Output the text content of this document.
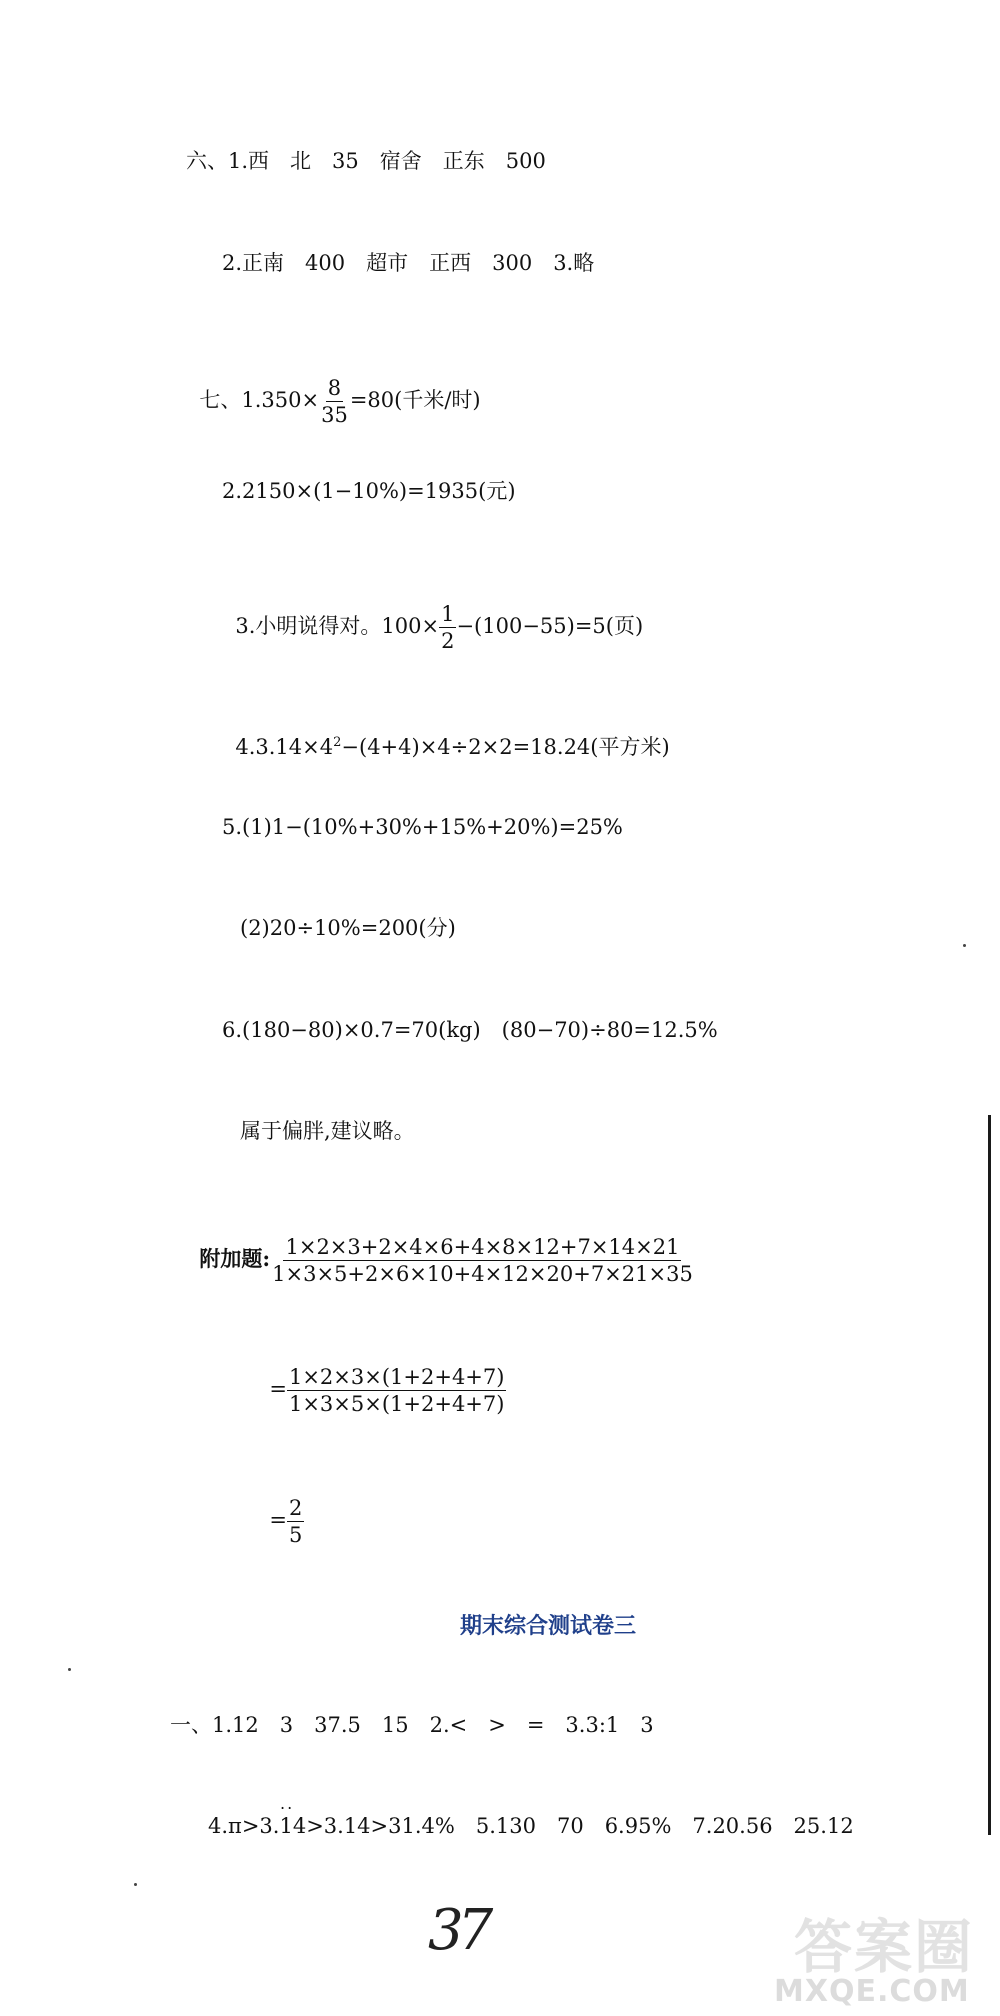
六、1.西　北　35　宿舍　正东　500
2.正南　400　超市　正西　300　3.略

七、$1.350\times \frac{8}{35} =80$(千米/时)

2.2150×(1−10%)=1935(元)

3.小明说得对。$100\times \frac{1}{2} -(100-55)=5$(页)

$4.3.14\times 4^2-(4+4)\times 4\div 2\times 2=18.24$(平方米)

5.(1)1−(10%+30%+15%+20%)=25%
(2)20÷10%=200(分)
6.(180−80)×0.7=70(kg)　(80−70)÷80=12.5%
属于偏胖,建议略。

附加题: $\frac{1\times 2\times 3+2\times 4\times 6+4\times 8\times 12+7\times 14\times 21}{1\times 3\times 5+2\times 6\times 10+4\times 12\times 20+7\times 21\times 35}$

= $\frac{1\times 2\times 3\times(1+2+4+7)}{1\times 3\times 5\times(1+2+4+7)}$

= $\frac{2}{5}$

期末综合测试卷三
一、1.12　3　37.5　15　2.<　>　=　3.3:1　3
..
4.π>3.14>3.14>31.4%　5.130　70　6.95%　7.20.56　25.12
37	答案圈
MXQE.COM
